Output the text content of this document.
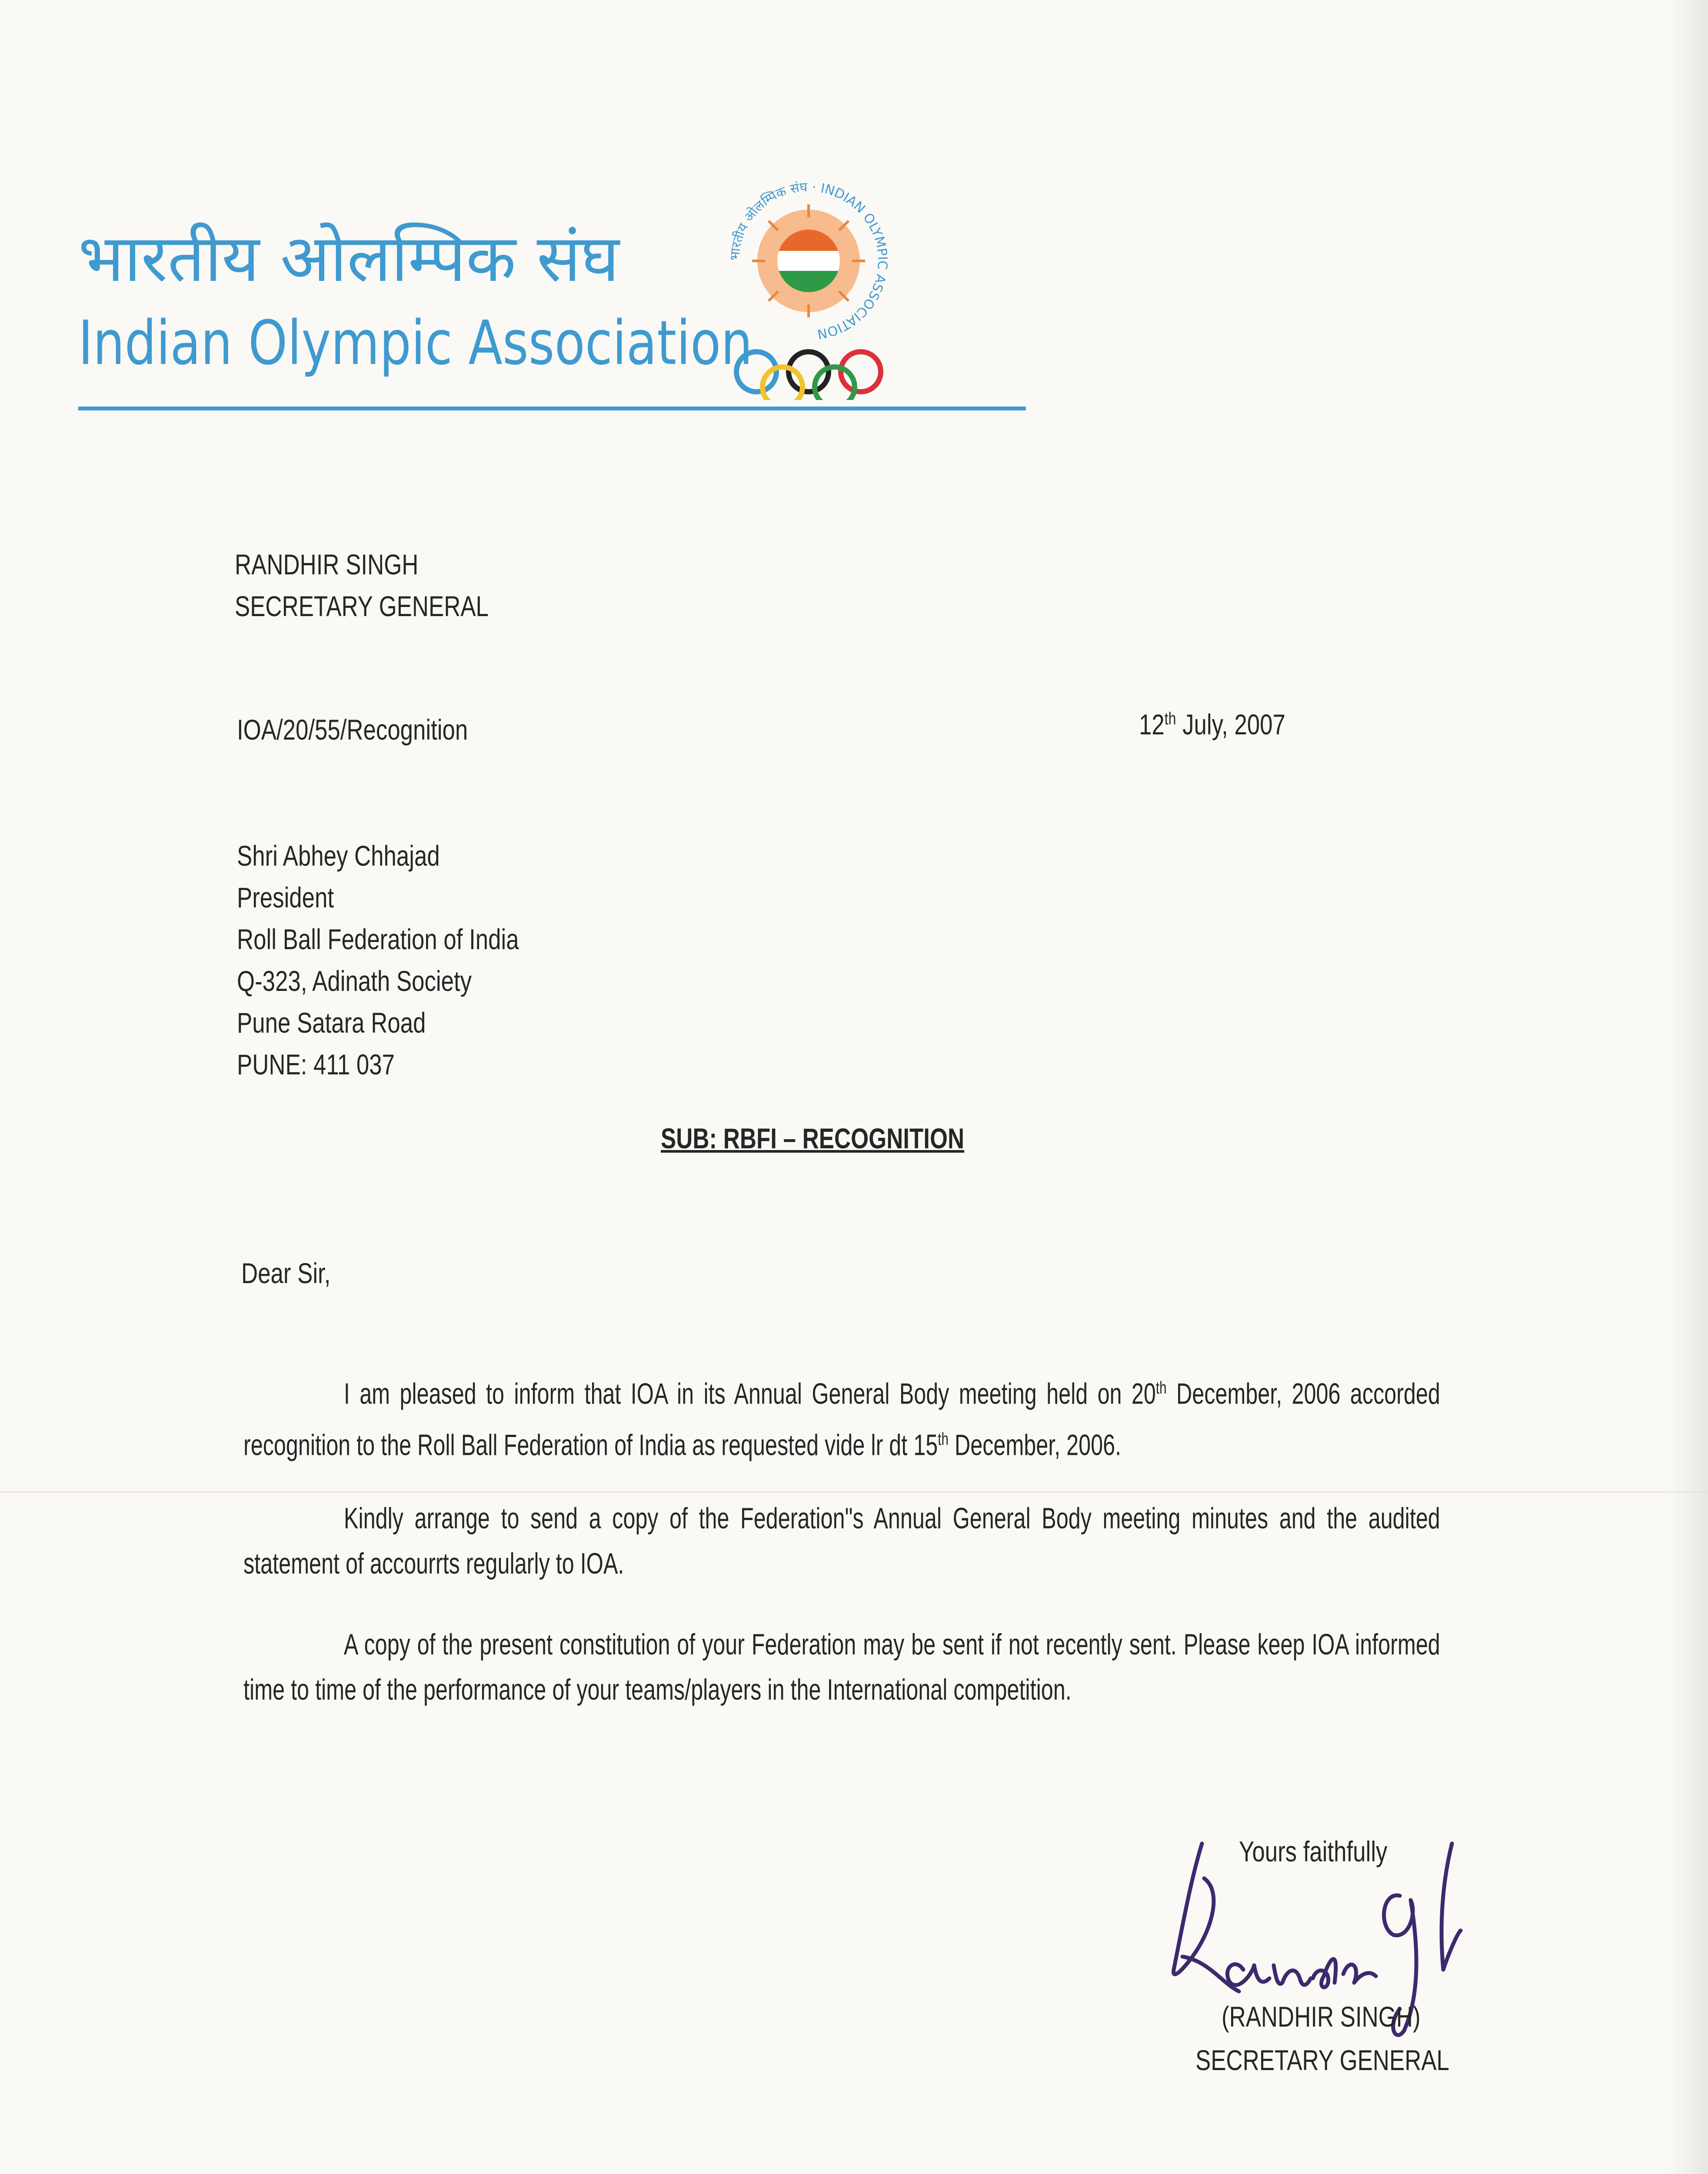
भारतीय ओलम्पिक संघ
Indian Olympic Association
भारतीय ओलम्पिक संघ · INDIAN OLYMPIC ASSOCIATION
RANDHIR SINGH
SECRETARY GENERAL
IOA/20/55/Recognition	12th July, 2007
Shri Abhey Chhajad
President
Roll Ball Federation of India
Q-323, Adinath Society
Pune Satara Road
PUNE: 411 037
SUB: RBFI – RECOGNITION
Dear Sir,
I am pleased to inform that IOA in its Annual General Body meeting held on 20th December, 2006 accorded recognition to the Roll Ball Federation of India as requested vide lr dt 15th December, 2006.
Kindly arrange to send a copy of the Federation"s Annual General Body meeting minutes and the audited statement of accourrts regularly to IOA.
A copy of the present constitution of your Federation may be sent if not recently sent. Please keep IOA informed time to time of the performance of your teams/players in the International competition.
Yours faithfully
(RANDHIR SINGH)
SECRETARY GENERAL
